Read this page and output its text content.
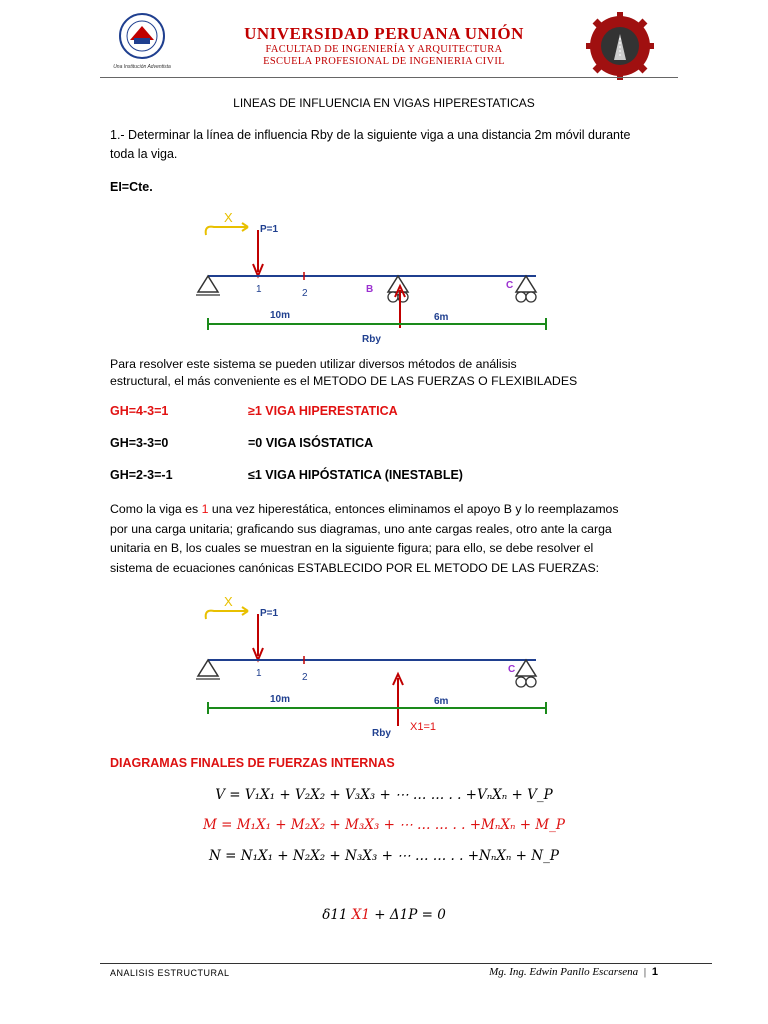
Una Institución Adventista
UNIVERSIDAD PERUANA UNIÓN
FACULTAD DE INGENIERÍA Y ARQUITECTURA
ESCUELA PROFESIONAL DE INGENIERIA CIVIL
LINEAS DE INFLUENCIA EN VIGAS HIPERESTATICAS
1.- Determinar la línea de influencia Rby de la siguiente viga a una distancia 2m móvil durante
toda la viga.
EI=Cte.
X
P=1
1	2	B	C
Rby
10m	6m
Para resolver este sistema se pueden utilizar diversos métodos de análisis
estructural, el más conveniente es el METODO DE LAS FUERZAS O FLEXIBILADES
GH=4-3=1	≥1 VIGA HIPERESTATICA
GH=3-3=0	=0 VIGA ISÓSTATICA
GH=2-3=-1	≤1 VIGA HIPÓSTATICA (INESTABLE)
Como la viga es 1 una vez hiperestática, entonces eliminamos el apoyo B y lo reemplazamos
por una carga unitaria; graficando sus diagramas, uno ante cargas reales, otro ante la carga
unitaria en B, los cuales se muestran en la siguiente figura; para ello, se debe resolver el
sistema de ecuaciones canónicas ESTABLECIDO POR EL METODO DE LAS FUERZAS:
X
P=1
1	2
C
Rby
X1=1
10m	6m
DIAGRAMAS FINALES DE FUERZAS INTERNAS
V = V₁X₁ + V₂X₂ + V₃X₃ + ⋯ … … . . +VₙXₙ + V_P
M = M₁X₁ + M₂X₂ + M₃X₃ + ⋯ … … . . +MₙXₙ + M_P
N = N₁X₁ + N₂X₂ + N₃X₃ + ⋯ … … . . +NₙXₙ + N_P
δ11 X1 + Δ1P = 0
ANALISIS ESTRUCTURAL	Mg. Ing. Edwin Panllo Escarsena | 1
